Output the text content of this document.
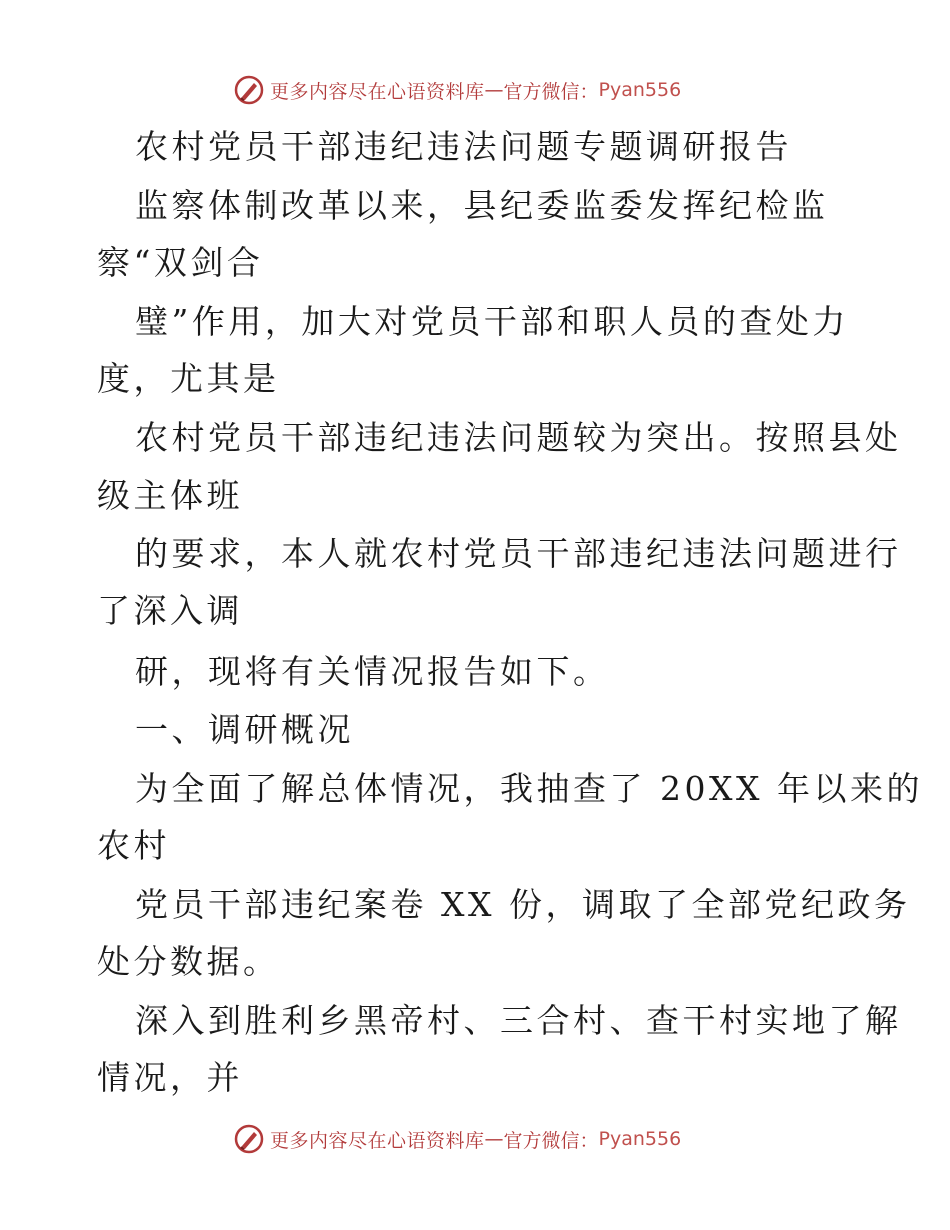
更多内容尽在心语资料库 — 官方微信： Pyan556
农村党员干部违纪违法问题专题调研报告
监察体制改革以来，县纪委监委发挥纪检监
察“双剑合
璧”作用，加大对党员干部和职人员的查处力
度，尤其是
农村党员干部违纪违法问题较为突出。按照县处
级主体班
的要求，本人就农村党员干部违纪违法问题进行
了深入调
研，现将有关情况报告如下。
一、调研概况
为全面了解总体情况，我抽查了 20XX 年以来的
农村
党员干部违纪案卷 XX 份，调取了全部党纪政务
处分数据。
深入到胜利乡黑帝村、三合村、查干村实地了解
情况，并
更多内容尽在心语资料库 — 官方微信： Pyan556
